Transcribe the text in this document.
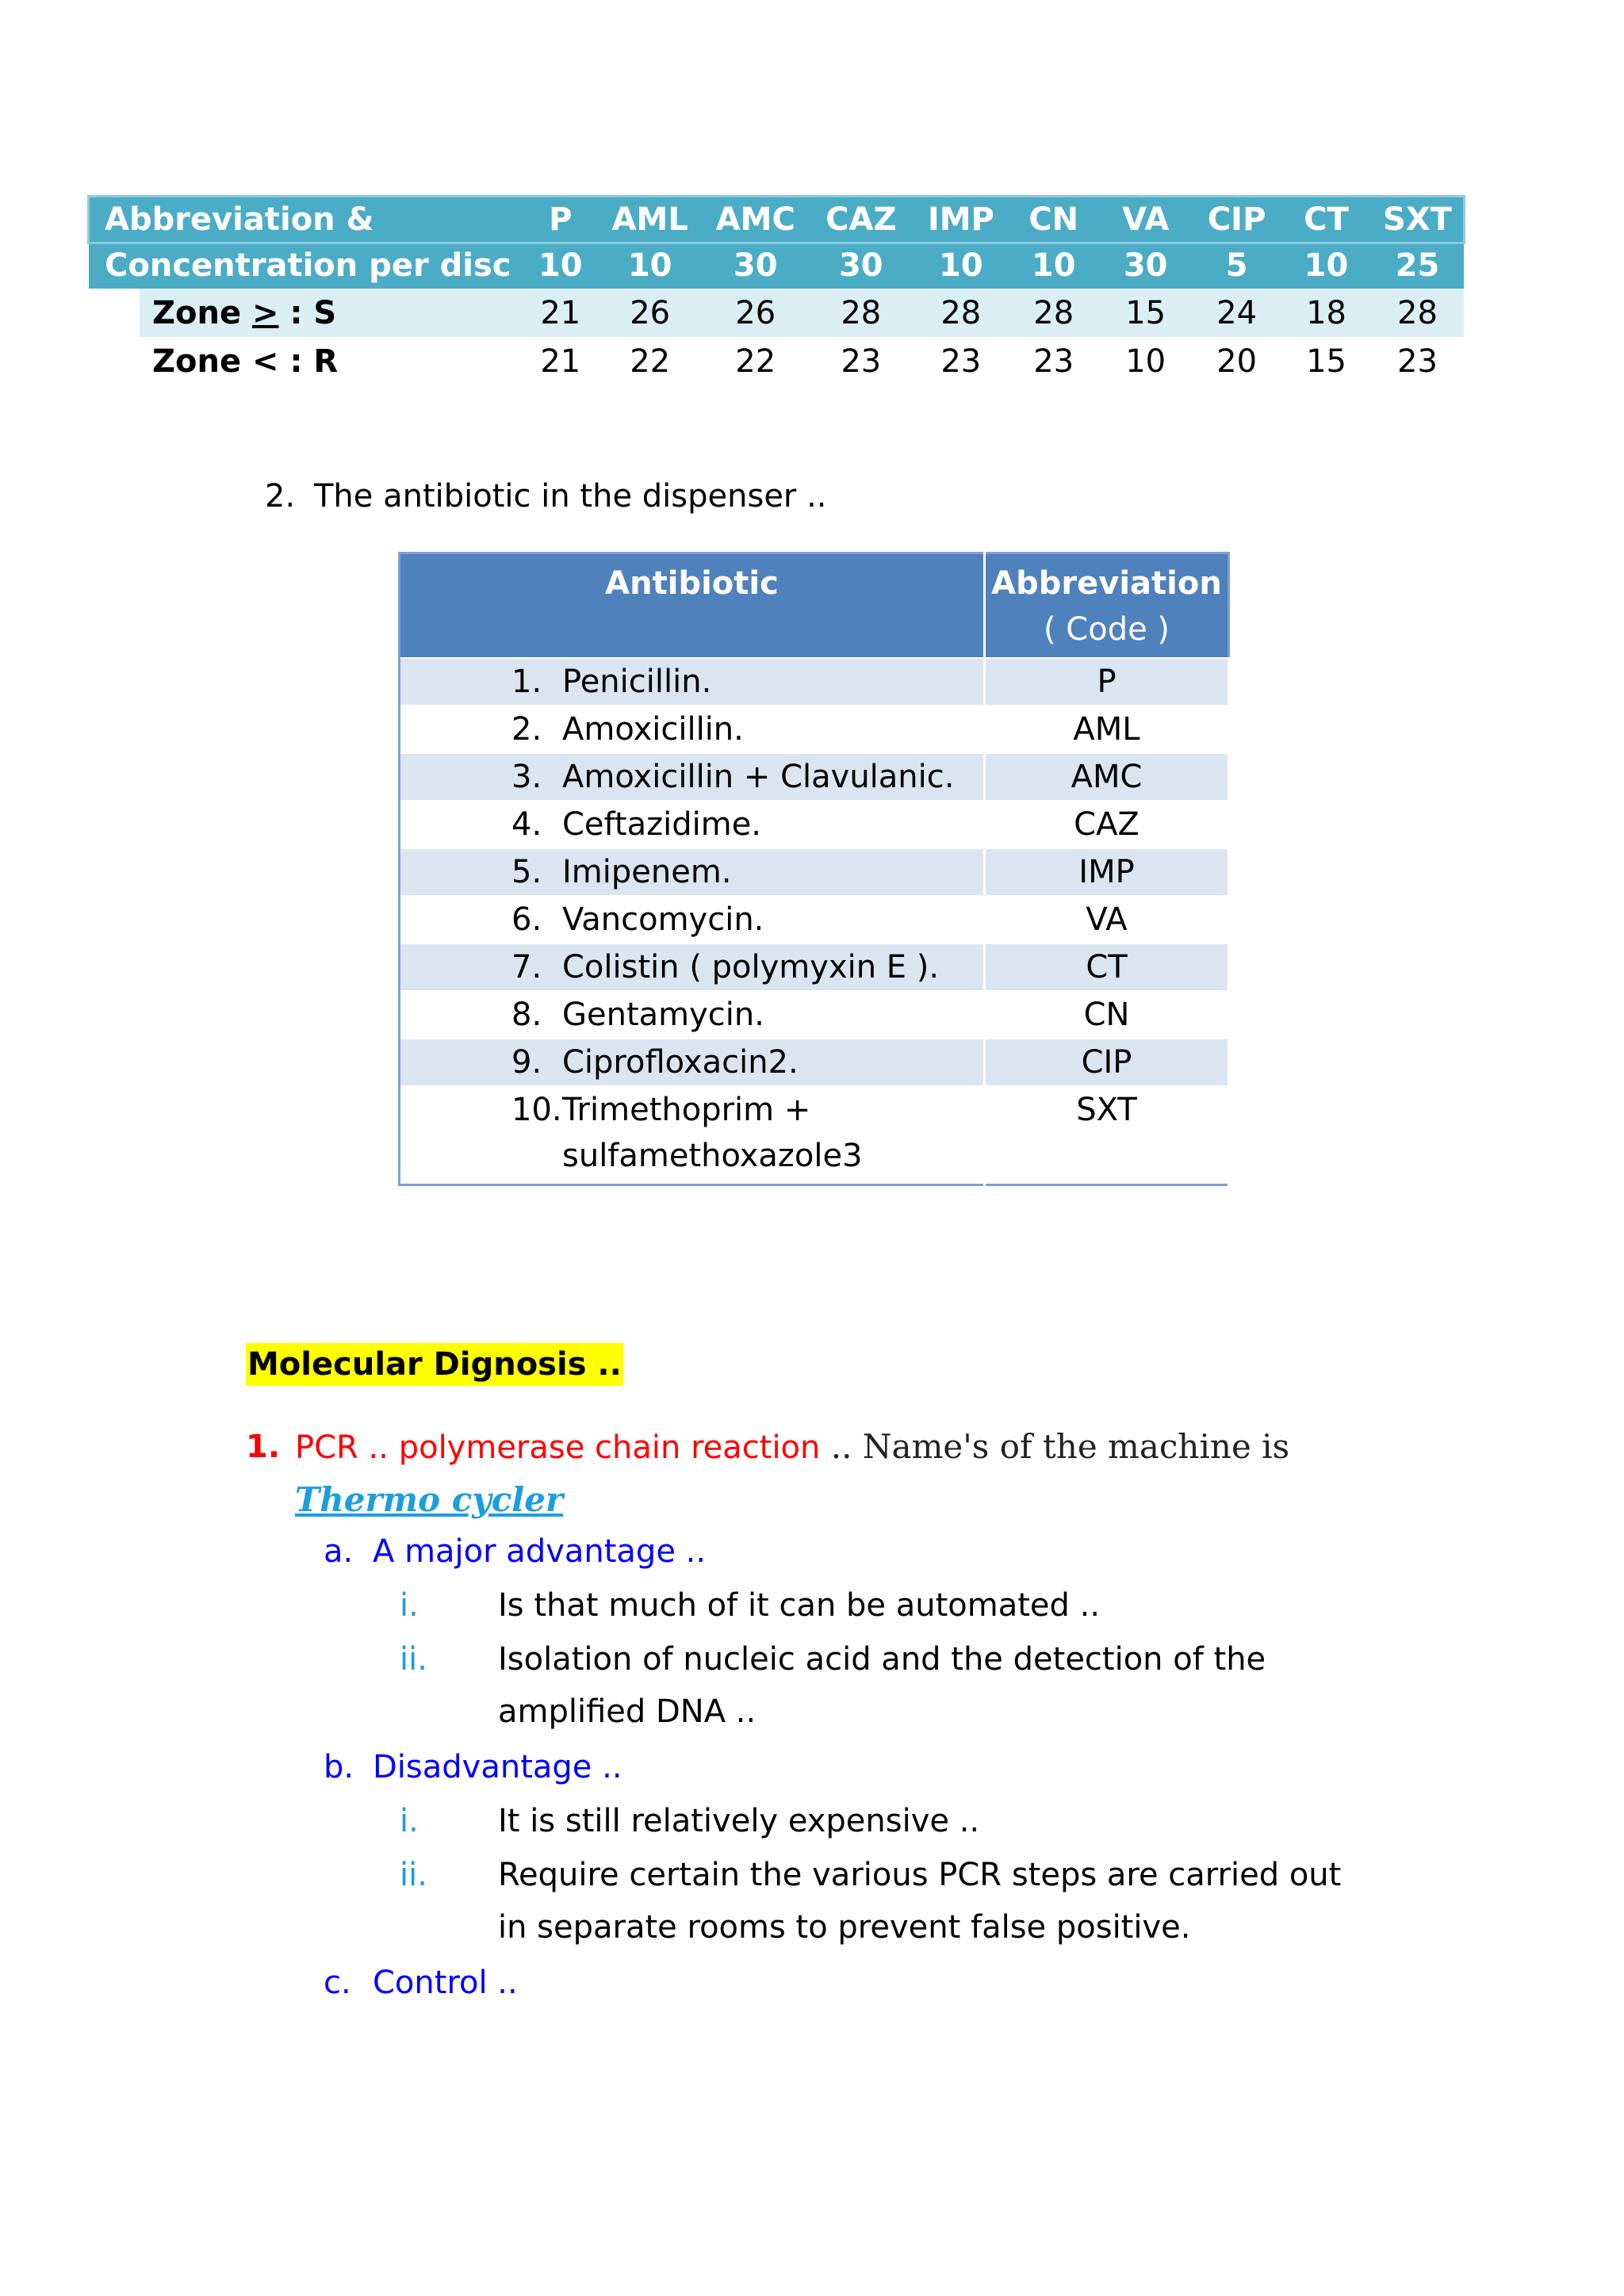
Abbreviation &	P	AML	AMC	CAZ	IMP	CN	VA	CIP	CT	SXT
Concentration per disc	10	10	30	30	10	10	30	5	10	25
Zone > : S	21	26	26	28	28	28	15	24	18	28
Zone < : R	21	22	22	23	23	23	10	20	15	23
2. The antibiotic in the dispenser ..
Antibiotic	Abbreviation
( Code )

1. Penicillin.	P

2. Amoxicillin.	AML

3. Amoxicillin + Clavulanic.	AMC

4. Ceftazidime.	CAZ

5. Imipenem.	IMP

6. Vancomycin.	VA

7. Colistin ( polymyxin E ).	CT

8. Gentamycin.	CN

9. Ciprofloxacin2.	CIP

10. Trimethoprim + sulfamethoxazole3	SXT
Molecular Dignosis ..
1. PCR .. polymerase chain reaction .. Name's of the machine is Thermo cycler
a. A major advantage ..
i.	Is that much of it can be automated ..
ii.	Isolation of nucleic acid and the detection of the amplified DNA ..
b. Disadvantage ..
i.	It is still relatively expensive ..
ii.	Require certain the various PCR steps are carried out in separate rooms to prevent false positive.
c. Control ..
